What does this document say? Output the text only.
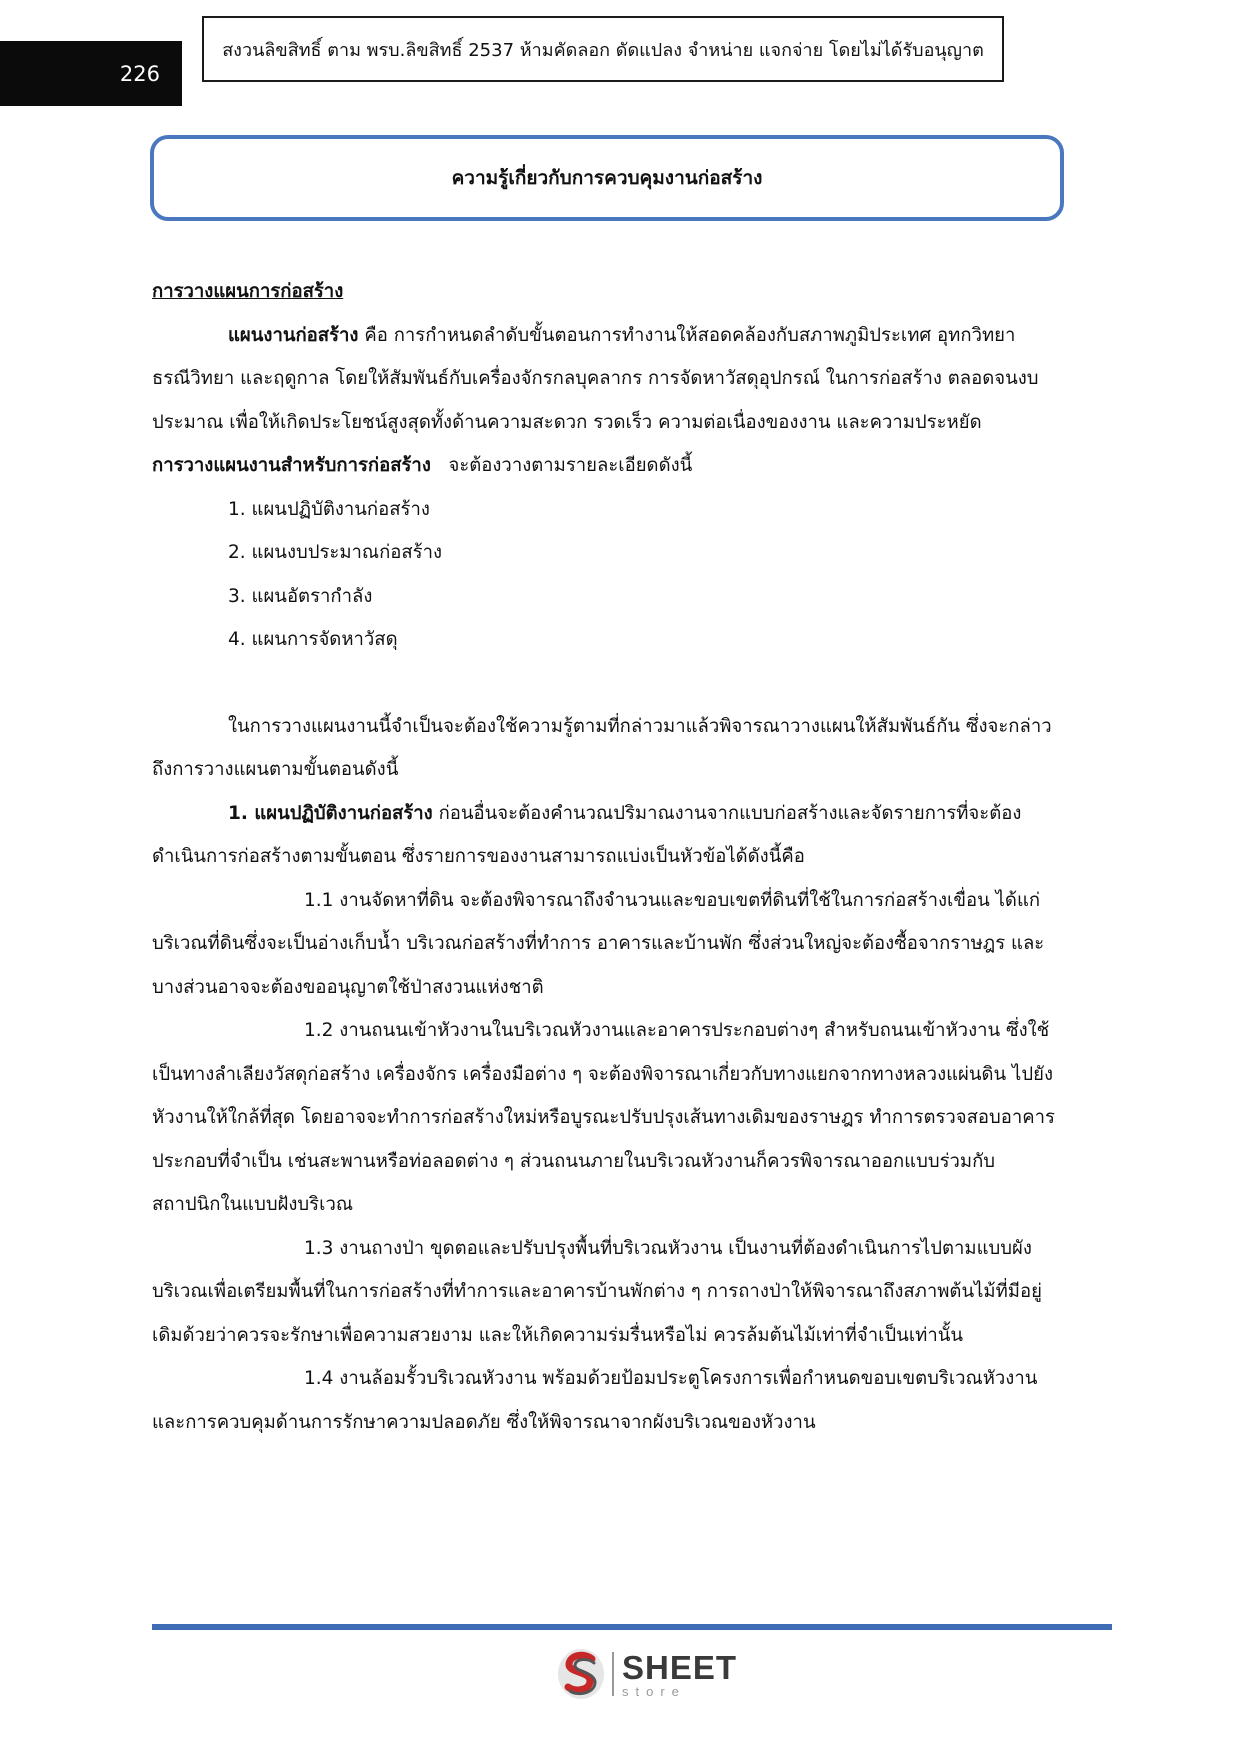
226
สงวนลิขสิทธิ์ ตาม พรบ.ลิขสิทธิ์ 2537 ห้ามคัดลอก ดัดแปลง จำหน่าย แจกจ่าย โดยไม่ได้รับอนุญาต
ความรู้เกี่ยวกับการควบคุมงานก่อสร้าง

การวางแผนการก่อสร้าง

แผนงานก่อสร้าง คือ การกำหนดลำดับขั้นตอนการทำงานให้สอดคล้องกับสภาพภูมิประเทศ อุทกวิทยา ธรณีวิทยา และฤดูกาล โดยให้สัมพันธ์กับเครื่องจักรกลบุคลากร การจัดหาวัสดุอุปกรณ์ ในการก่อสร้าง ตลอดจนงบประมาณ เพื่อให้เกิดประโยชน์สูงสุดทั้งด้านความสะดวก รวดเร็ว ความต่อเนื่องของงาน และความประหยัด

การวางแผนงานสำหรับการก่อสร้าง   จะต้องวางตามรายละเอียดดังนี้

1. แผนปฏิบัติงานก่อสร้าง
2. แผนงบประมาณก่อสร้าง
3. แผนอัตรากำลัง
4. แผนการจัดหาวัสดุ

ในการวางแผนงานนี้จำเป็นจะต้องใช้ความรู้ตามที่กล่าวมาแล้วพิจารณาวางแผนให้สัมพันธ์กัน ซึ่งจะกล่าวถึงการวางแผนตามขั้นตอนดังนี้

1. แผนปฏิบัติงานก่อสร้าง ก่อนอื่นจะต้องคำนวณปริมาณงานจากแบบก่อสร้างและจัดรายการที่จะต้องดำเนินการก่อสร้างตามขั้นตอน ซึ่งรายการของงานสามารถแบ่งเป็นหัวข้อได้ดังนี้คือ

1.1 งานจัดหาที่ดิน จะต้องพิจารณาถึงจำนวนและขอบเขตที่ดินที่ใช้ในการก่อสร้างเขื่อน ได้แก่ บริเวณที่ดินซึ่งจะเป็นอ่างเก็บน้ำ บริเวณก่อสร้างที่ทำการ อาคารและบ้านพัก ซึ่งส่วนใหญ่จะต้องซื้อจากราษฎร และบางส่วนอาจจะต้องขออนุญาตใช้ป่าสงวนแห่งชาติ

1.2 งานถนนเข้าหัวงานในบริเวณหัวงานและอาคารประกอบต่างๆ สำหรับถนนเข้าหัวงาน ซึ่งใช้เป็นทางลำเลียงวัสดุก่อสร้าง เครื่องจักร เครื่องมือต่าง ๆ จะต้องพิจารณาเกี่ยวกับทางแยกจากทางหลวงแผ่นดิน ไปยังหัวงานให้ใกล้ที่สุด โดยอาจจะทำการก่อสร้างใหม่หรือบูรณะปรับปรุงเส้นทางเดิมของราษฎร ทำการตรวจสอบอาคารประกอบที่จำเป็น เช่นสะพานหรือท่อลอดต่าง ๆ ส่วนถนนภายในบริเวณหัวงานก็ควรพิจารณาออกแบบร่วมกับสถาปนิกในแบบฝังบริเวณ

1.3 งานถางป่า ขุดตอและปรับปรุงพื้นที่บริเวณหัวงาน เป็นงานที่ต้องดำเนินการไปตามแบบผังบริเวณเพื่อเตรียมพื้นที่ในการก่อสร้างที่ทำการและอาคารบ้านพักต่าง ๆ การถางป่าให้พิจารณาถึงสภาพต้นไม้ที่มีอยู่เดิมด้วยว่าควรจะรักษาเพื่อความสวยงาม และให้เกิดความร่มรื่นหรือไม่ ควรล้มต้นไม้เท่าที่จำเป็นเท่านั้น

1.4 งานล้อมรั้วบริเวณหัวงาน พร้อมด้วยป้อมประตูโครงการเพื่อกำหนดขอบเขตบริเวณหัวงานและการควบคุมด้านการรักษาความปลอดภัย ซึ่งให้พิจารณาจากผังบริเวณของหัวงาน

SHEET
store
